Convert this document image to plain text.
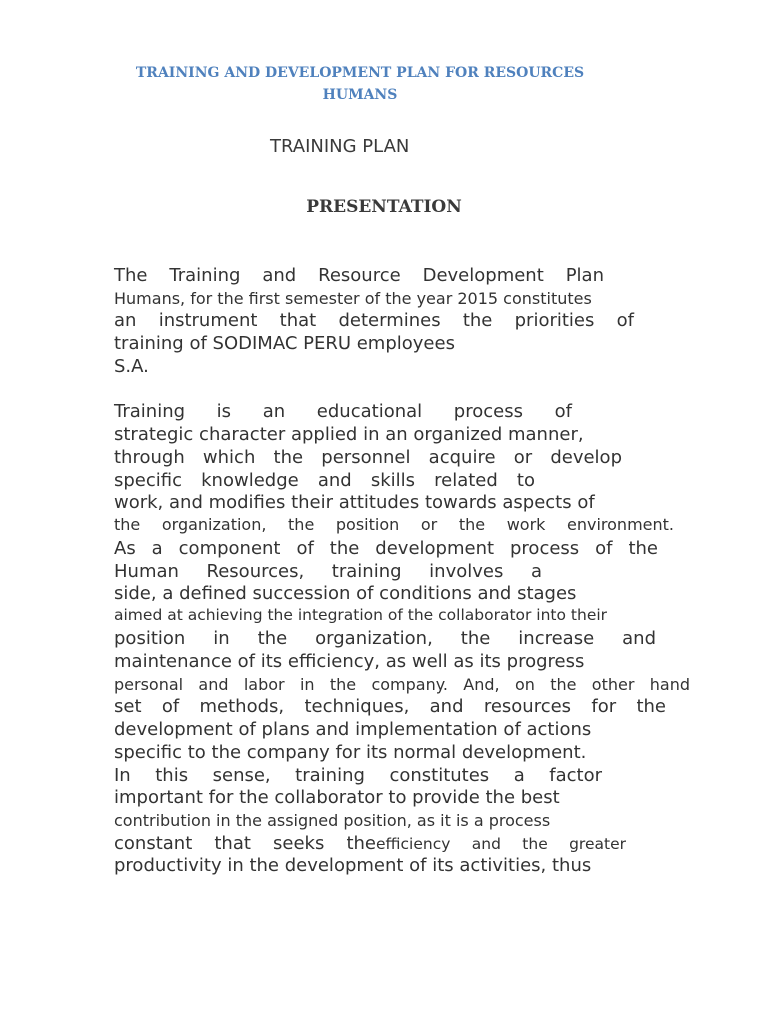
TRAINING AND DEVELOPMENT PLAN FOR RESOURCES
HUMANS
TRAINING PLAN
PRESENTATION
The Training and Resource Development Plan
Humans, for the first semester of the year 2015 constitutes
an instrument that determines the priorities of
training of SODIMAC PERU employees
S.A.
Training is an educational process of
strategic character applied in an organized manner,
through which the personnel acquire or develop
specific knowledge and skills related to
work, and modifies their attitudes towards aspects of
the organization, the position or the work environment.
As a component of the development process of the
Human Resources, training involves a
side, a defined succession of conditions and stages
aimed at achieving the integration of the collaborator into their
position in the organization, the increase and
maintenance of its efficiency, as well as its progress
personal and labor in the company. And, on the other hand
set of methods, techniques, and resources for the
development of plans and implementation of actions
specific to the company for its normal development.
In this sense, training constitutes a factor
important for the collaborator to provide the best
contribution in the assigned position, as it is a process
constant that seeks theefficiency and the greater
productivity in the development of its activities, thus
